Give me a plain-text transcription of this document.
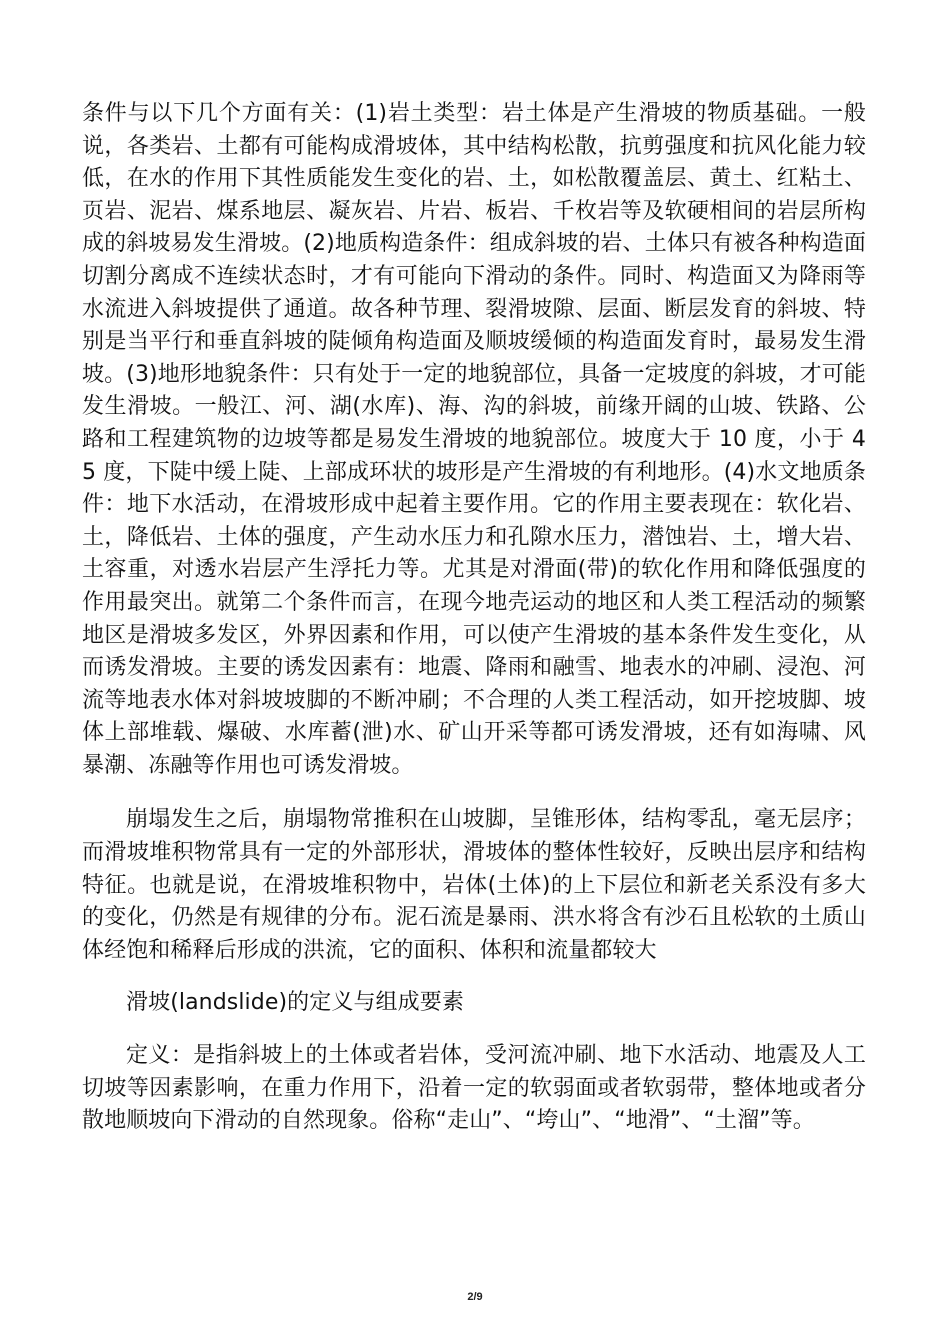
条件与以下几个方面有关：(1)岩土类型：岩土体是产生滑坡的物质基础。一般说，各类岩、土都有可能构成滑坡体，其中结构松散，抗剪强度和抗风化能力较低，在水的作用下其性质能发生变化的岩、土，如松散覆盖层、黄土、红粘土、页岩、泥岩、煤系地层、凝灰岩、片岩、板岩、千枚岩等及软硬相间的岩层所构成的斜坡易发生滑坡。(2)地质构造条件：组成斜坡的岩、土体只有被各种构造面切割分离成不连续状态时，才有可能向下滑动的条件。同时、构造面又为降雨等水流进入斜坡提供了通道。故各种节理、裂滑坡隙、层面、断层发育的斜坡、特别是当平行和垂直斜坡的陡倾角构造面及顺坡缓倾的构造面发育时，最易发生滑坡。(3)地形地貌条件：只有处于一定的地貌部位，具备一定坡度的斜坡，才可能发生滑坡。一般江、河、湖(水库)、海、沟的斜坡，前缘开阔的山坡、铁路、公路和工程建筑物的边坡等都是易发生滑坡的地貌部位。坡度大于 10 度，小于 45 度，下陡中缓上陡、上部成环状的坡形是产生滑坡的有利地形。(4)水文地质条件：地下水活动，在滑坡形成中起着主要作用。它的作用主要表现在：软化岩、土，降低岩、土体的强度，产生动水压力和孔隙水压力，潜蚀岩、土，增大岩、土容重，对透水岩层产生浮托力等。尤其是对滑面(带)的软化作用和降低强度的作用最突出。就第二个条件而言，在现今地壳运动的地区和人类工程活动的频繁地区是滑坡多发区，外界因素和作用，可以使产生滑坡的基本条件发生变化，从而诱发滑坡。主要的诱发因素有：地震、降雨和融雪、地表水的冲刷、浸泡、河流等地表水体对斜坡坡脚的不断冲刷；不合理的人类工程活动，如开挖坡脚、坡体上部堆载、爆破、水库蓄(泄)水、矿山开采等都可诱发滑坡，还有如海啸、风暴潮、冻融等作用也可诱发滑坡。

崩塌发生之后，崩塌物常推积在山坡脚，呈锥形体，结构零乱，毫无层序；而滑坡堆积物常具有一定的外部形状，滑坡体的整体性较好，反映出层序和结构特征。也就是说，在滑坡堆积物中，岩体(土体)的上下层位和新老关系没有多大的变化，仍然是有规律的分布。泥石流是暴雨、洪水将含有沙石且松软的土质山体经饱和稀释后形成的洪流，它的面积、体积和流量都较大

滑坡(landslide)的定义与组成要素

定义：是指斜坡上的土体或者岩体，受河流冲刷、地下水活动、地震及人工切坡等因素影响，在重力作用下，沿着一定的软弱面或者软弱带，整体地或者分散地顺坡向下滑动的自然现象。俗称“走山”、“垮山”、“地滑”、“土溜”等。

2/9
